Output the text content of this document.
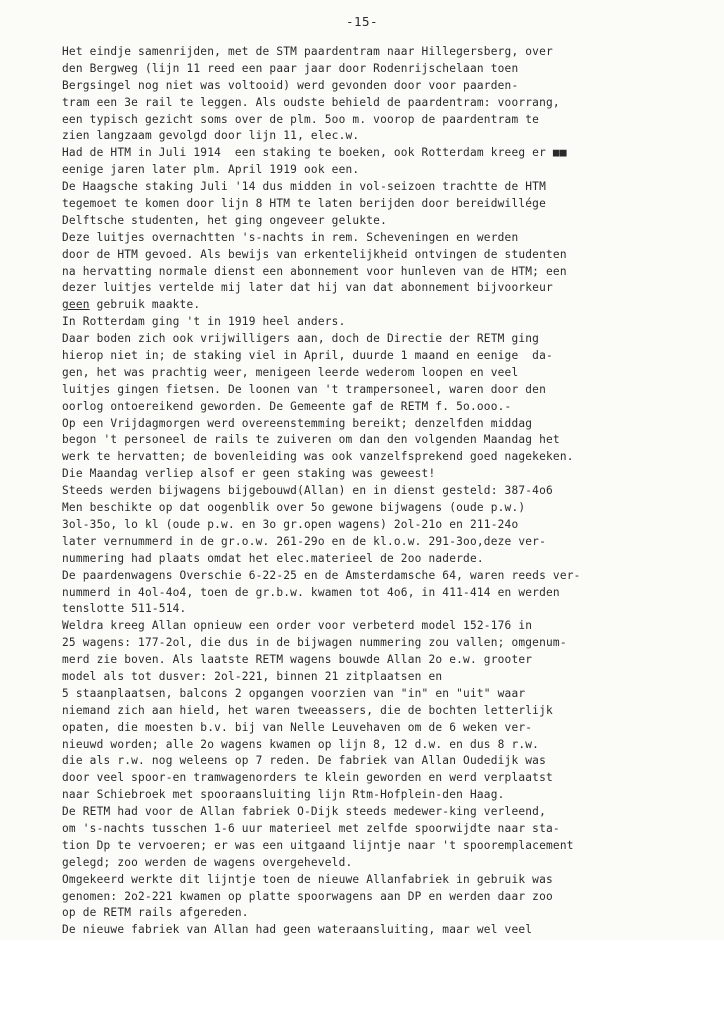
-15-
Het eindje samenrijden, met de STM paardentram naar Hillegersberg, over
den Bergweg (lijn 11 reed een paar jaar door Rodenrijschelaan toen
Bergsingel nog niet was voltooid) werd gevonden door voor paarden-
tram een 3e rail te leggen. Als oudste behield de paardentram: voorrang,
een typisch gezicht soms over de plm. 5oo m. voorop de paardentram te
zien langzaam gevolgd door lijn 11, elec.w.
Had de HTM in Juli 1914  een staking te boeken, ook Rotterdam kreeg er ■■
eenige jaren later plm. April 1919 ook een.
De Haagsche staking Juli '14 dus midden in vol-seizoen trachtte de HTM
tegemoet te komen door lijn 8 HTM te laten berijden door bereidwillége
Delftsche studenten, het ging ongeveer gelukte.
Deze luitjes overnachtten 's-nachts in rem. Scheveningen en werden
door de HTM gevoed. Als bewijs van erkentelijkheid ontvingen de studenten
na hervatting normale dienst een abonnement voor hunleven van de HTM; een
dezer luitjes vertelde mij later dat hij van dat abonnement bijvoorkeur
geen gebruik maakte.
In Rotterdam ging 't in 1919 heel anders.
Daar boden zich ook vrijwilligers aan, doch de Directie der RETM ging
hierop niet in; de staking viel in April, duurde 1 maand en eenige  da-
gen, het was prachtig weer, menigeen leerde wederom loopen en veel
luitjes gingen fietsen. De loonen van 't trampersoneel, waren door den
oorlog ontoereikend geworden. De Gemeente gaf de RETM f. 5o.ooo.-
Op een Vrijdagmorgen werd overeenstemming bereikt; denzelfden middag
begon 't personeel de rails te zuiveren om dan den volgenden Maandag het
werk te hervatten; de bovenleiding was ook vanzelfsprekend goed nagekeken.
Die Maandag verliep alsof er geen staking was geweest!
Steeds werden bijwagens bijgebouwd(Allan) en in dienst gesteld: 387-4o6
Men beschikte op dat oogenblik over 5o gewone bijwagens (oude p.w.)
3ol-35o, lo kl (oude p.w. en 3o gr.open wagens) 2ol-21o en 211-24o
later vernummerd in de gr.o.w. 261-29o en de kl.o.w. 291-3oo,deze ver-
nummering had plaats omdat het elec.materieel de 2oo naderde.
De paardenwagens Overschie 6-22-25 en de Amsterdamsche 64, waren reeds ver-
nummerd in 4ol-4o4, toen de gr.b.w. kwamen tot 4o6, in 411-414 en werden
tenslotte 511-514.
Weldra kreeg Allan opnieuw een order voor verbeterd model 152-176 in
25 wagens: 177-2ol, die dus in de bijwagen nummering zou vallen; omgenum-
merd zie boven. Als laatste RETM wagens bouwde Allan 2o e.w. grooter
model als tot dusver: 2ol-221, binnen 21 zitplaatsen en
5 staanplaatsen, balcons 2 opgangen voorzien van "in" en "uit" waar
niemand zich aan hield, het waren tweeassers, die de bochten letterlijk
opaten, die moesten b.v. bij van Nelle Leuvehaven om de 6 weken ver-
nieuwd worden; alle 2o wagens kwamen op lijn 8, 12 d.w. en dus 8 r.w.
die als r.w. nog weleens op 7 reden. De fabriek van Allan Oudedijk was
door veel spoor-en tramwagenorders te klein geworden en werd verplaatst
naar Schiebroek met spooraansluiting lijn Rtm-Hofplein-den Haag.
De RETM had voor de Allan fabriek O-Dijk steeds medewer-king verleend,
om 's-nachts tusschen 1-6 uur materieel met zelfde spoorwijdte naar sta-
tion Dp te vervoeren; er was een uitgaand lijntje naar 't spooremplacement
gelegd; zoo werden de wagens overgeheveld.
Omgekeerd werkte dit lijntje toen de nieuwe Allanfabriek in gebruik was
genomen: 2o2-221 kwamen op platte spoorwagens aan DP en werden daar zoo
op de RETM rails afgereden.
De nieuwe fabriek van Allan had geen wateraansluiting, maar wel veel
